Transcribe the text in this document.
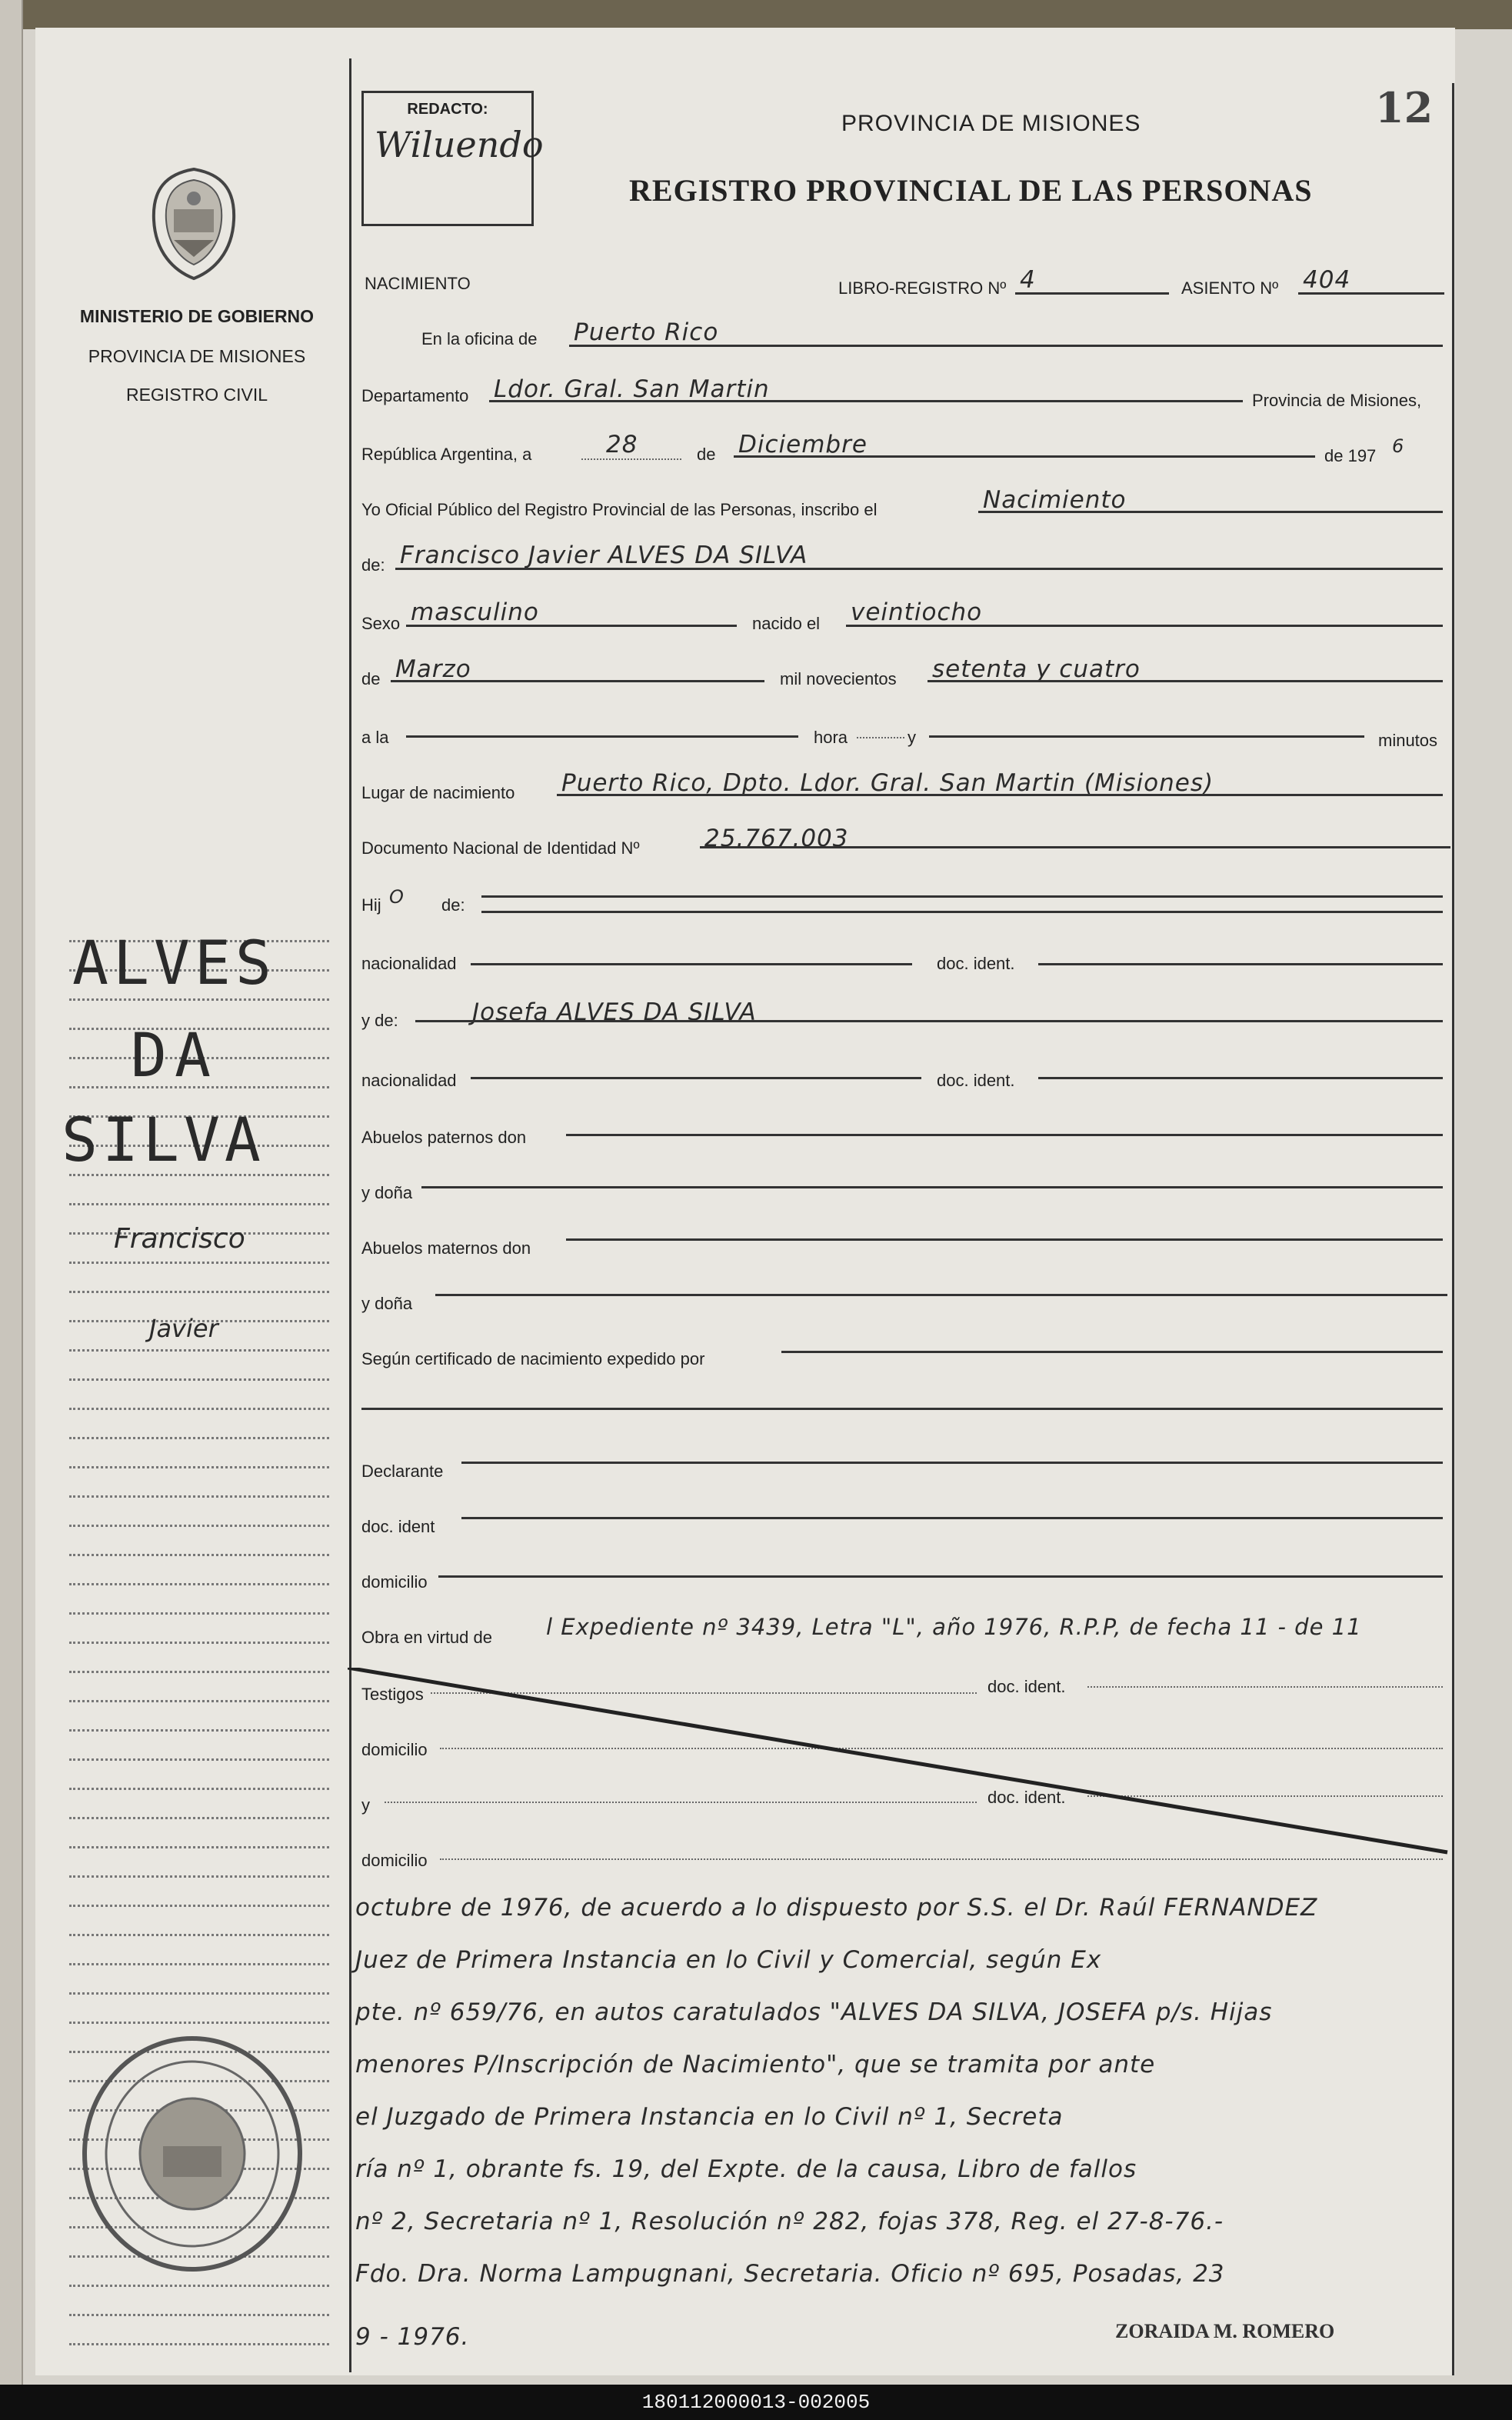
REDACTO:
Wiluendo
12
PROVINCIA DE MISIONES
REGISTRO PROVINCIAL DE LAS PERSONAS
MINISTERIO DE GOBIERNO
PROVINCIA DE MISIONES
REGISTRO CIVIL
ALVES
DA
SILVA
Francisco
Javier
NACIMIENTO	LIBRO-REGISTRO Nº 4	ASIENTO Nº 404
En la oficina de Puerto Rico
Departamento Ldor. Gral. San Martin	Provincia de Misiones,
República Argentina, a	28	de Diciembre	de 197 6
Yo Oficial Público del Registro Provincial de las Personas, inscribo el	Nacimiento
de: Francisco Javier ALVES DA SILVA
Sexo masculino	nacido el veintiocho
de Marzo	mil novecientos setenta y cuatro
a la	hora	y	minutos
Lugar de nacimiento Puerto Rico, Dpto. Ldor. Gral. San Martin (Misiones)
Documento Nacional de Identidad Nº	25.767.003
Hij O de:
nacionalidad	doc. ident.
y de:	Josefa ALVES DA SILVA
nacionalidad	doc. ident.
Abuelos paternos don
y doña
Abuelos maternos don
y doña
Según certificado de nacimiento expedido por
Declarante
doc. ident
domicilio
Obra en virtud de l Expediente nº 3439, Letra "L", año 1976, R.P.P, de fecha 11 - de 11
Testigos	doc. ident.
domicilio
y	doc. ident.
domicilio
octubre de 1976, de acuerdo a lo dispuesto por S.S. el Dr. Raúl FERNANDEZ
Juez de Primera Instancia en lo Civil y Comercial, según Ex
pte. nº 659/76, en autos caratulados "ALVES DA SILVA, JOSEFA p/s. Hijas
menores P/Inscripción de Nacimiento", que se tramita por ante
el Juzgado de Primera Instancia en lo Civil nº 1, Secreta
ría nº 1, obrante fs. 19, del Expte. de la causa, Libro de fallos
nº 2, Secretaria nº 1, Resolución nº 282, fojas 378, Reg. el 27-8-76.-
Fdo. Dra. Norma Lampugnani, Secretaria. Oficio nº 695, Posadas, 23
9 - 1976.	ZORAIDA M. ROMERO
180112000013-002005
